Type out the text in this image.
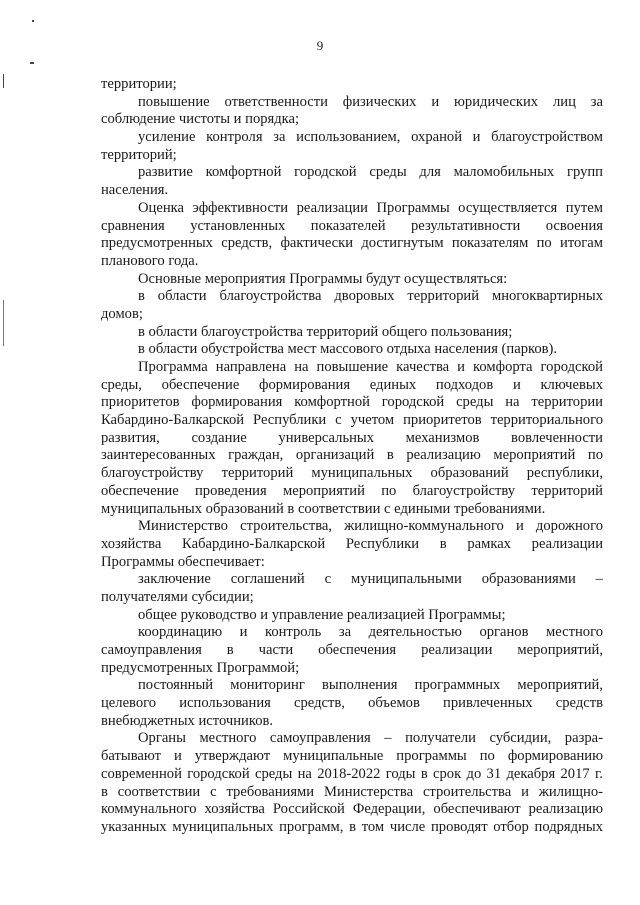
9
территории;
повышение ответственности физических и юридических лиц за
соблюдение чистоты и порядка;
усиление контроля за использованием, охраной и благоустройством
территорий;
развитие комфортной городской среды для маломобильных групп
населения.
Оценка эффективности реализации Программы осуществляется путем
сравнения установленных показателей результативности освоения
предусмотренных средств, фактически достигнутым показателям по итогам
планового года.
Основные мероприятия Программы будут осуществляться:
в области благоустройства дворовых территорий многоквартирных
домов;
в области благоустройства территорий общего пользования;
в области обустройства мест массового отдыха населения (парков).
Программа направлена на повышение качества и комфорта городской
среды, обеспечение формирования единых подходов и ключевых
приоритетов формирования комфортной городской среды на территории
Кабардино-Балкарской Республики с учетом приоритетов территориального
развития, создание универсальных механизмов вовлеченности
заинтересованных граждан, организаций в реализацию мероприятий по
благоустройству территорий муниципальных образований республики,
обеспечение проведения мероприятий по благоустройству территорий
муниципальных образований в соответствии с едиными требованиями.
Министерство строительства, жилищно-коммунального и дорожного
хозяйства Кабардино-Балкарской Республики в рамках реализации
Программы обеспечивает:
заключение соглашений с муниципальными образованиями –
получателями субсидии;
общее руководство и управление реализацией Программы;
координацию и контроль за деятельностью органов местного
самоуправления в части обеспечения реализации мероприятий,
предусмотренных Программой;
постоянный мониторинг выполнения программных мероприятий,
целевого использования средств, объемов привлеченных средств
внебюджетных источников.
Органы местного самоуправления – получатели субсидии, разра-
батывают и утверждают муниципальные программы по формированию
современной городской среды на 2018-2022 годы в срок до 31 декабря 2017 г.
в соответствии с требованиями Министерства строительства и жилищно-
коммунального хозяйства Российской Федерации, обеспечивают реализацию
указанных муниципальных программ, в том числе проводят отбор подрядных
